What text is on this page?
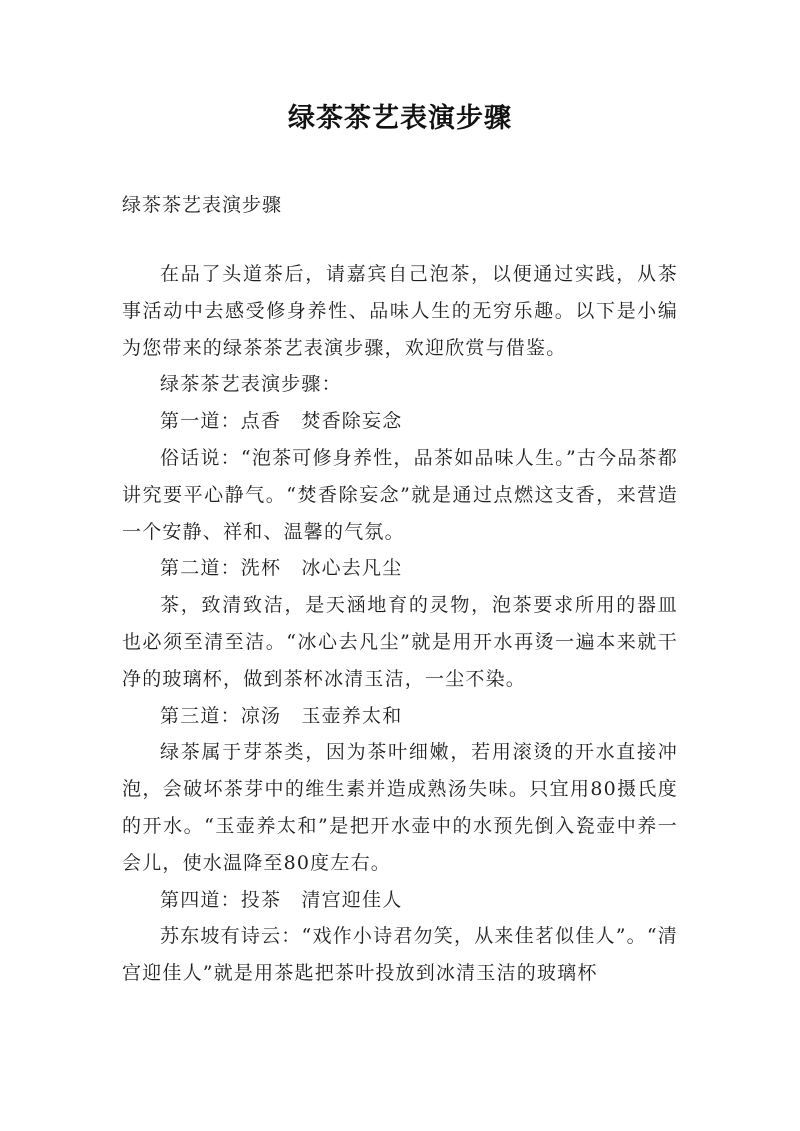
绿茶茶艺表演步骤

绿茶茶艺表演步骤

在品了头道茶后，请嘉宾自己泡茶，以便通过实践，从茶事活动中去感受修身养性、品味人生的无穷乐趣。以下是小编为您带来的绿茶茶艺表演步骤，欢迎欣赏与借鉴。

绿茶茶艺表演步骤：

第一道：点香　焚香除妄念

俗话说：“泡茶可修身养性，品茶如品味人生。”古今品茶都讲究要平心静气。“焚香除妄念”就是通过点燃这支香，来营造一个安静、祥和、温馨的气氛。

第二道：洗杯　冰心去凡尘

茶，致清致洁，是天涵地育的灵物，泡茶要求所用的器皿也必须至清至洁。“冰心去凡尘”就是用开水再烫一遍本来就干净的玻璃杯，做到茶杯冰清玉洁，一尘不染。

第三道：凉汤　玉壶养太和

绿茶属于芽茶类，因为茶叶细嫩，若用滚烫的开水直接冲泡，会破坏茶芽中的维生素并造成熟汤失味。只宜用80摄氏度的开水。“玉壶养太和”是把开水壶中的水预先倒入瓷壶中养一会儿，使水温降至80度左右。

第四道：投茶　清宫迎佳人

苏东坡有诗云：“戏作小诗君勿笑，从来佳茗似佳人”。“清宫迎佳人”就是用茶匙把茶叶投放到冰清玉洁的玻璃杯
